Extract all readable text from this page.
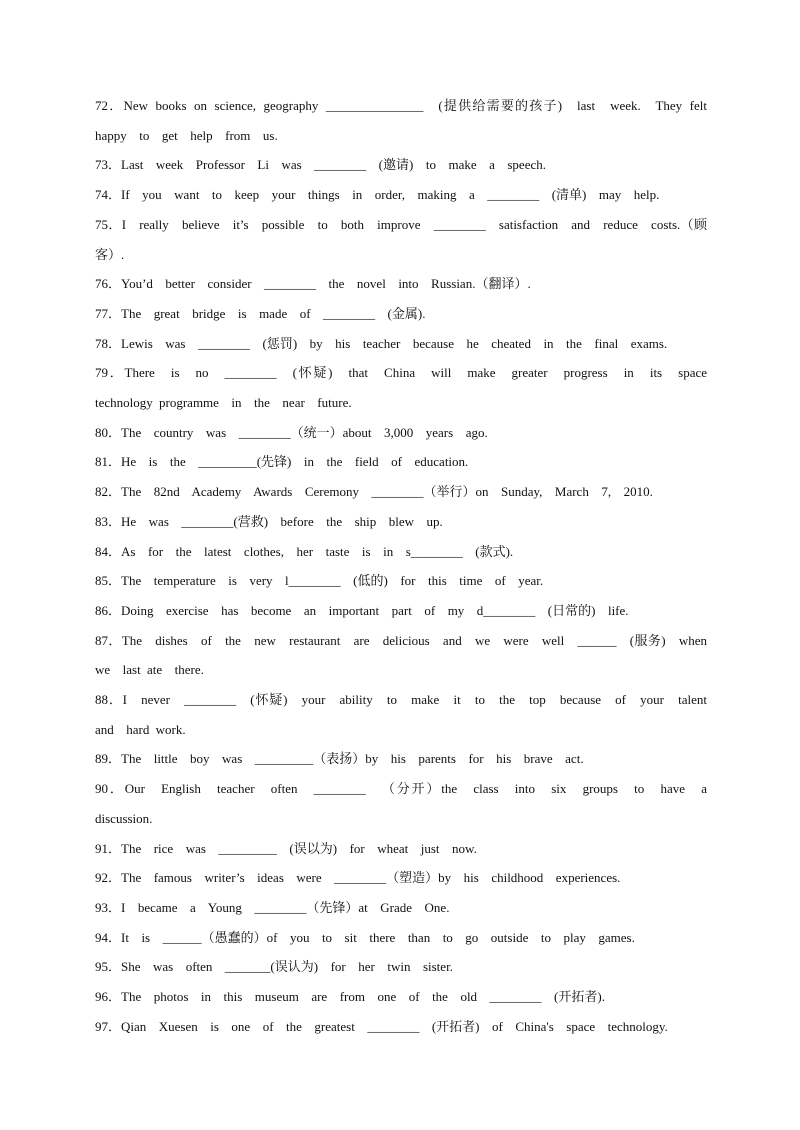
72．New books on science, geography _______________  (提供给需要的孩子)  last  week.  They felt  happy  to  get  help  from  us.

73．Last  week  Professor  Li  was  ________  (邀请)  to  make  a  speech.

74．If  you  want  to  keep  your  things  in  order,  making  a  ________  (清单)  may  help.

75．I  really  believe  it’s  possible  to  both  improve  ________  satisfaction  and  reduce  costs.（顾客）.

76．You’d  better  consider  ________  the  novel  into  Russian.（翻译）.

77．The  great  bridge  is  made  of  ________  (金属).

78．Lewis  was  ________  (惩罚)  by  his  teacher  because  he  cheated  in  the  final  exams.

79．There  is  no  ________  (怀疑)  that  China  will  make  greater  progress  in  its  space  technology programme  in  the  near  future.

80．The  country  was  ________（统一）about  3,000  years  ago.

81．He  is  the  _________(先锋)  in  the  field  of  education.

82．The  82nd  Academy  Awards  Ceremony  ________（举行）on  Sunday,  March  7,  2010.

83．He  was  ________(营救)  before  the  ship  blew  up.

84．As  for  the  latest  clothes,  her  taste  is  in  s________  (款式).

85．The  temperature  is  very  l________  (低的)  for  this  time  of  year.

86．Doing  exercise  has  become  an  important  part  of  my  d________  (日常的)  life.

87．The  dishes  of  the  new  restaurant  are  delicious  and  we  were  well  ______  (服务)  when  we  last ate  there.

88．I  never  ________  (怀疑)  your  ability  to  make  it  to  the  top  because  of  your  talent  and  hard work.

89．The  little  boy  was  _________（表扬）by  his  parents  for  his  brave  act.

90．Our  English  teacher  often  ________  （分开）the  class  into  six  groups  to  have  a  discussion.

91．The  rice  was  _________  (误以为)  for  wheat  just  now.

92．The  famous  writer’s  ideas  were  ________（塑造）by  his  childhood  experiences.

93．I  became  a  Young  ________（先锋）at  Grade  One.

94．It  is  ______（愚蠢的）of  you  to  sit  there  than  to  go  outside  to  play  games.

95．She  was  often  _______(误认为)  for  her  twin  sister.

96．The  photos  in  this  museum  are  from  one  of  the  old  ________  (开拓者).

97．Qian  Xuesen  is  one  of  the  greatest  ________  (开拓者)  of  China's  space  technology.
